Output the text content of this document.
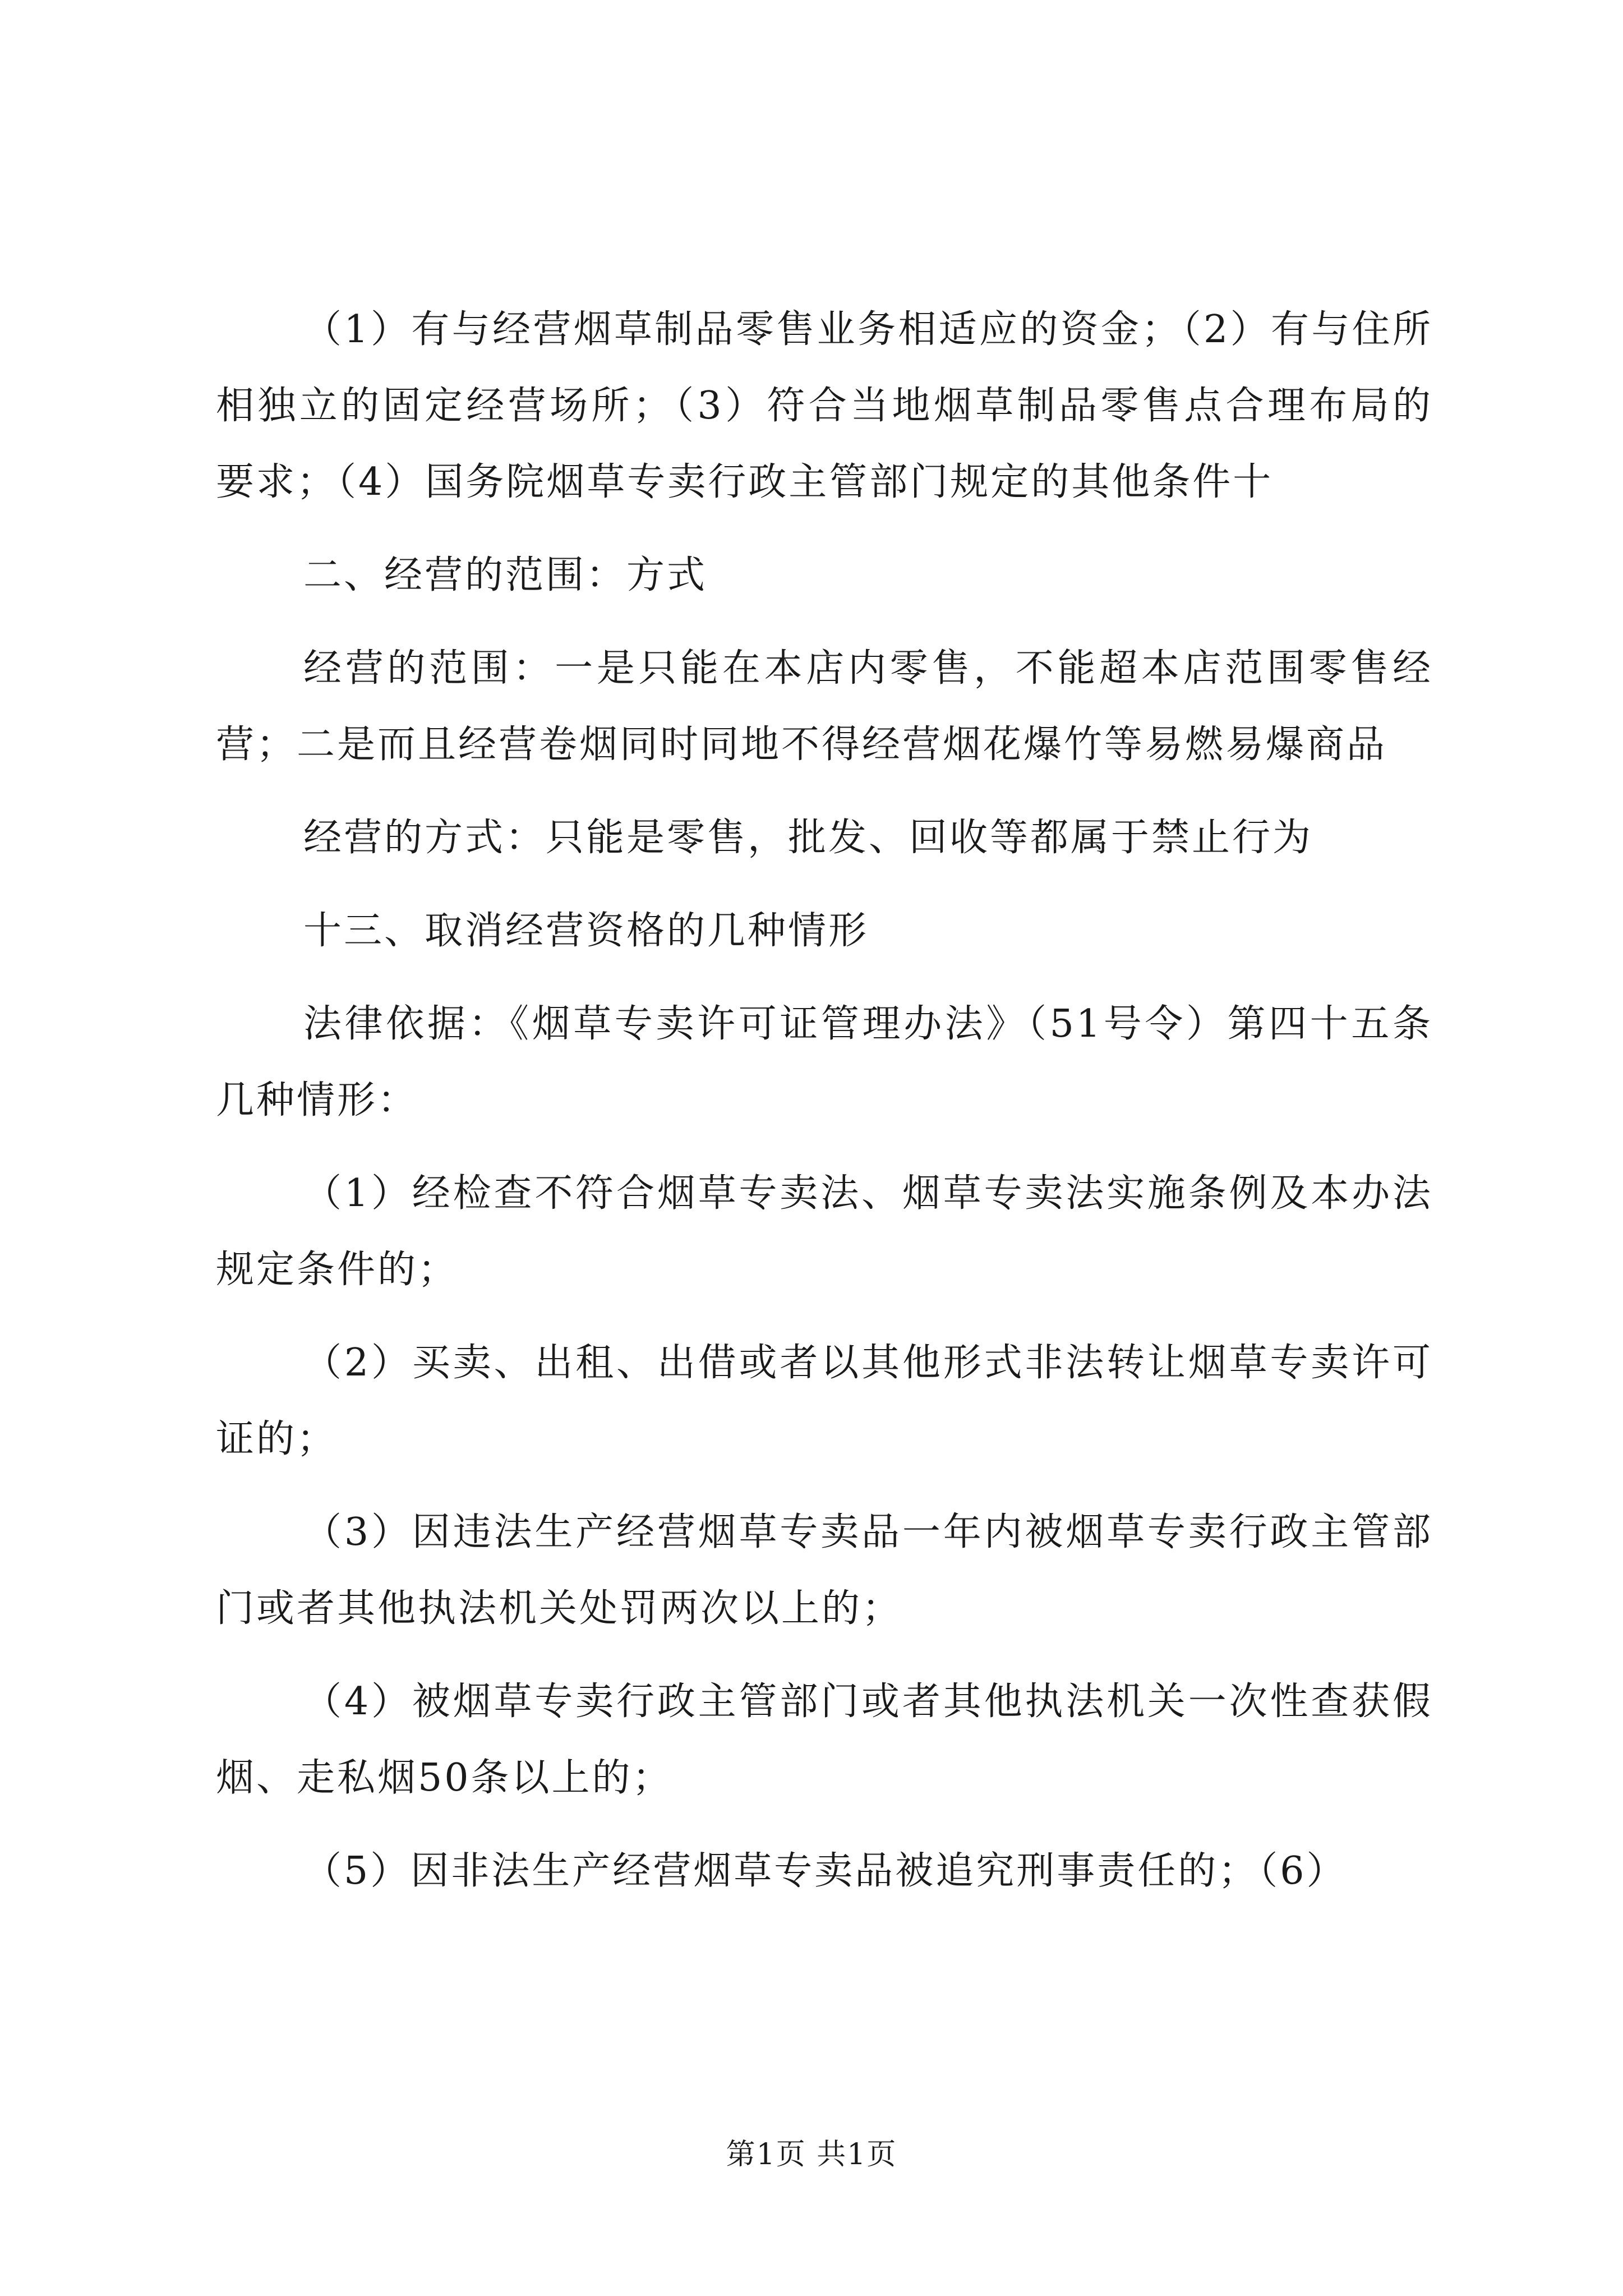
（1）有与经营烟草制品零售业务相适应的资金；（2）有与住所相独立的固定经营场所；（3）符合当地烟草制品零售点合理布局的要求；（4）国务院烟草专卖行政主管部门规定的其他条件十

二、经营的范围：方式

经营的范围：一是只能在本店内零售，不能超本店范围零售经营；二是而且经营卷烟同时同地不得经营烟花爆竹等易燃易爆商品

经营的方式：只能是零售，批发、回收等都属于禁止行为

十三、取消经营资格的几种情形

法律依据：《烟草专卖许可证管理办法》（51号令）第四十五条几种情形：

（1）经检查不符合烟草专卖法、烟草专卖法实施条例及本办法规定条件的；

（2）买卖、出租、出借或者以其他形式非法转让烟草专卖许可证的；

（3）因违法生产经营烟草专卖品一年内被烟草专卖行政主管部门或者其他执法机关处罚两次以上的；

（4）被烟草专卖行政主管部门或者其他执法机关一次性查获假烟、走私烟50条以上的；

（5）因非法生产经营烟草专卖品被追究刑事责任的；（6）

第1页 共1页
